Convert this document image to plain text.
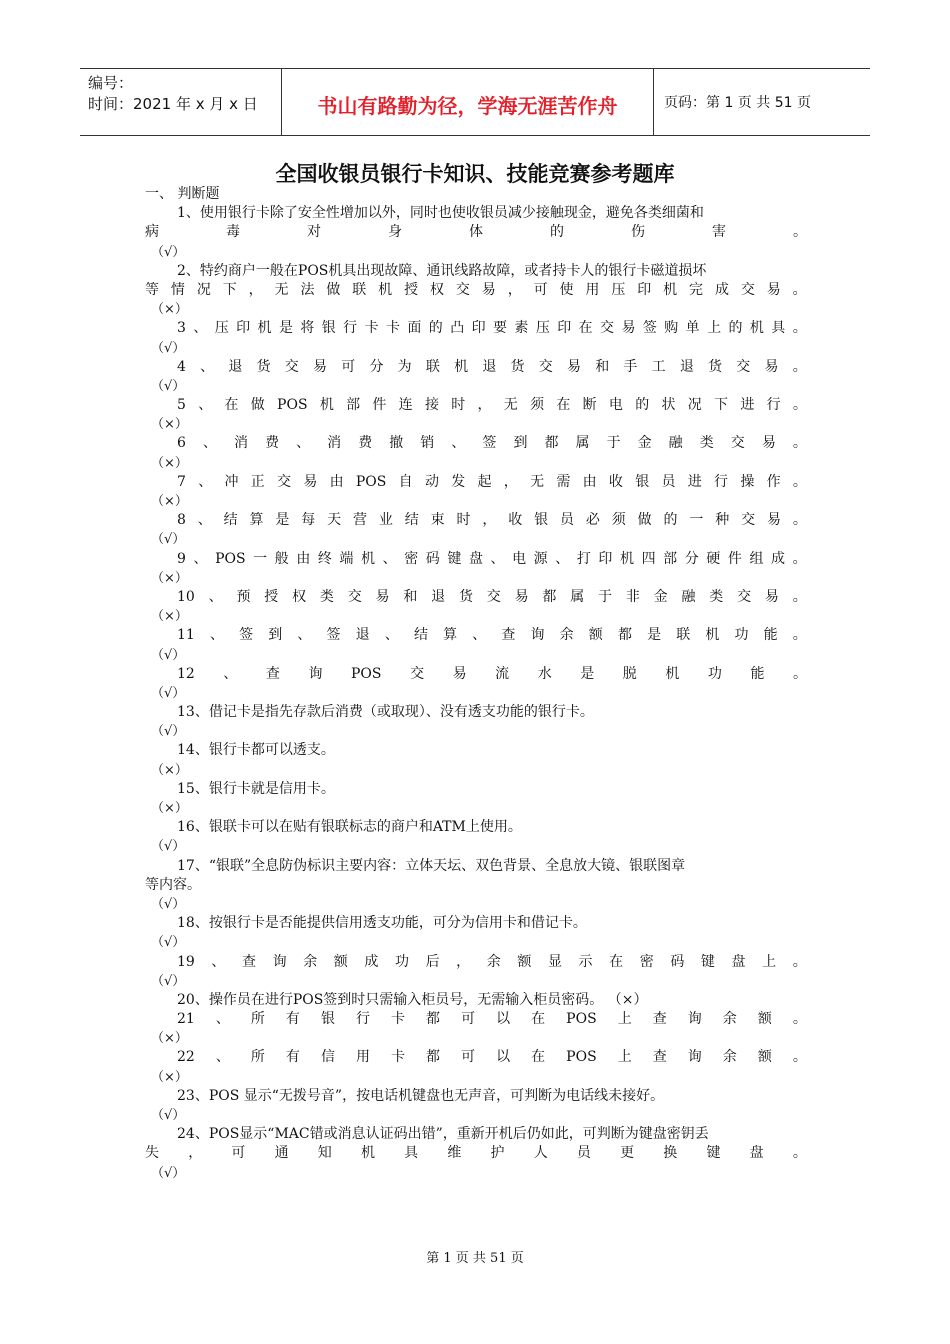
编号：
时间：2021 年 x 月 x 日	书山有路勤为径，学海无涯苦作舟	页码：第 1 页 共 51 页
全国收银员银行卡知识、技能竞赛参考题库
一、 判断题
1、使用银行卡除了安全性增加以外，同时也使收银员减少接触现金，避免各类细菌和
病	毒	对	身	体	的	伤	害	。
（√）
2、特约商户一般在POS机具出现故障、通讯线路故障，或者持卡人的银行卡磁道损坏
等 情 况 下 ， 无 法 做 联 机 授 权 交 易 ， 可 使 用 压 印 机 完 成 交 易 。
（×）
3 、 压 印 机 是 将 银 行 卡 卡 面 的 凸 印 要 素 压 印 在 交 易 签 购 单 上 的 机 具 。
（√）
4 、 退 货 交 易 可 分 为 联 机 退 货 交 易 和 手 工 退 货 交 易 。
（√）
5 、 在 做 POS 机 部 件 连 接 时 ， 无 须 在 断 电 的 状 况 下 进 行 。
（×）
6 、 消 费 、 消 费 撤 销 、 签 到 都 属 于 金 融 类 交 易 。
（×）
7 、 冲 正 交 易 由 POS 自 动 发 起 ， 无 需 由 收 银 员 进 行 操 作 。
（×）
8 、 结 算 是 每 天 营 业 结 束 时 ， 收 银 员 必 须 做 的 一 种 交 易 。
（√）
9 、 POS 一 般 由 终 端 机 、 密 码 键 盘 、 电 源 、 打 印 机 四 部 分 硬 件 组 成 。
（×）
10 、 预 授 权 类 交 易 和 退 货 交 易 都 属 于 非 金 融 类 交 易 。
（×）
11 、 签 到 、 签 退 、 结 算 、 查 询 余 额 都 是 联 机 功 能 。
（√）
12 、 查 询 POS 交 易 流 水 是 脱 机 功 能 。
（√）
13、借记卡是指先存款后消费（或取现）、没有透支功能的银行卡。
（√）
14、银行卡都可以透支。
（×）
15、银行卡就是信用卡。
（×）
16、银联卡可以在贴有银联标志的商户和ATM上使用。
（√）
17、“银联”全息防伪标识主要内容：立体天坛、双色背景、全息放大镜、银联图章
等内容。
（√）
18、按银行卡是否能提供信用透支功能，可分为信用卡和借记卡。
（√）
19 、 查 询 余 额 成 功 后 ， 余 额 显 示 在 密 码 键 盘 上 。
（√）
20、操作员在进行POS签到时只需输入柜员号，无需输入柜员密码。 （×）
21 、 所 有 银 行 卡 都 可 以 在 POS 上 查 询 余 额 。
（×）
22 、 所 有 信 用 卡 都 可 以 在 POS 上 查 询 余 额 。
（×）
23、POS 显示“无拨号音”，按电话机键盘也无声音，可判断为电话线未接好。
（√）
24、POS显示“MAC错或消息认证码出错”，重新开机后仍如此，可判断为键盘密钥丢
失 ， 可 通 知 机 具 维 护 人 员 更 换 键 盘 。
（√）
第 1 页 共 51 页
